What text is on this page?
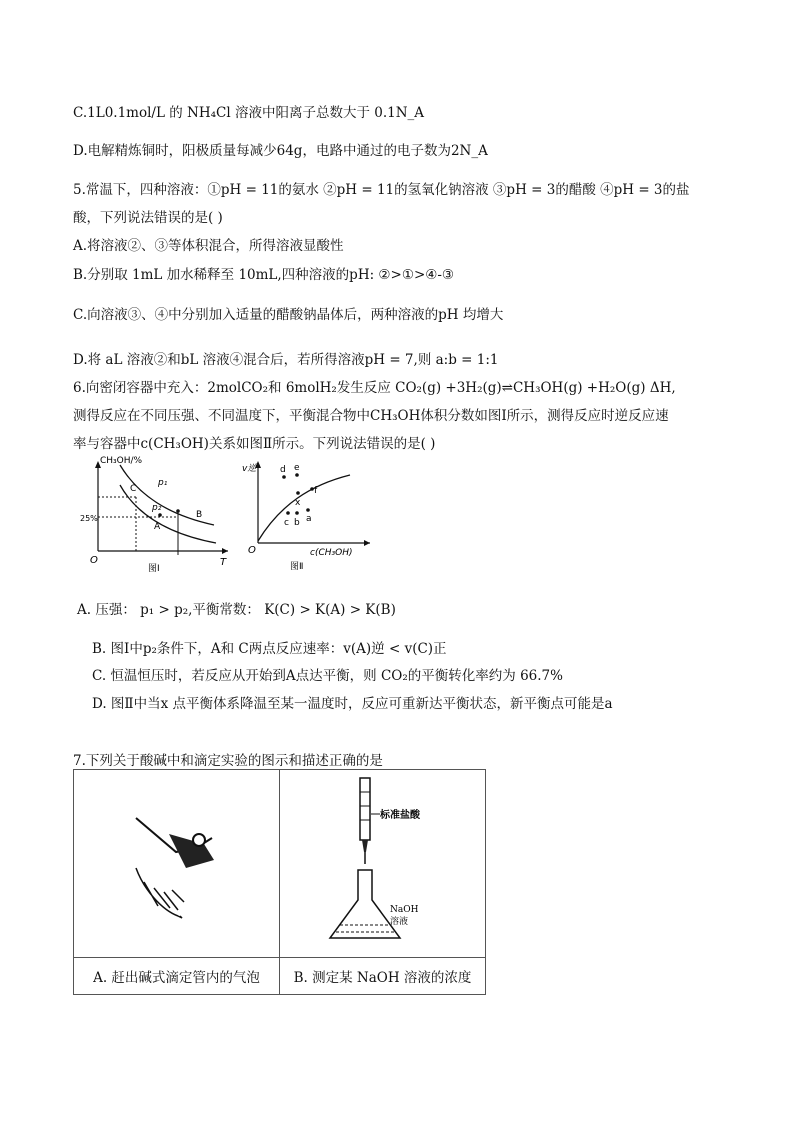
C.1L0.1mol/L 的 NH₄Cl 溶液中阳离子总数大于 0.1N_A
D.电解精炼铜时，阳极质量每减少64g，电路中通过的电子数为2N_A
5.常温下，四种溶液：①pH = 11的氨水 ②pH = 11的氢氧化钠溶液 ③pH = 3的醋酸 ④pH = 3的盐
酸，下列说法错误的是( )
A.将溶液②、③等体积混合，所得溶液显酸性
B.分别取 1mL 加水稀释至 10mL,四种溶液的pH: ②>①>④-③
C.向溶液③、④中分别加入适量的醋酸钠晶体后，两种溶液的pH 均增大
D.将 aL 溶液②和bL 溶液④混合后，若所得溶液pH = 7,则 a:b = 1:1
6.向密闭容器中充入：2molCO₂和 6molH₂发生反应 CO₂(g) +3H₂(g)⇌CH₃OH(g) +H₂O(g) ΔH,
测得反应在不同压强、不同温度下，平衡混合物中CH₃OH体积分数如图Ⅰ所示，测得反应时逆反应速
率与容器中c(CH₃OH)关系如图Ⅱ所示。下列说法错误的是( )
CH₃OH/%
25%
O	T
p₁
p₂
C
A
B
图Ⅰ
v逆
O	c(CH₃OH)
d e
f
x
c b a
图Ⅱ
A. 压强： p₁ > p₂,平衡常数： K(C) > K(A) > K(B)
B. 图Ⅰ中p₂条件下，A和 C两点反应速率：v(A)逆 < v(C)正
C. 恒温恒压时，若反应从开始到A点达平衡，则 CO₂的平衡转化率约为 66.7%
D. 图Ⅱ中当x 点平衡体系降温至某一温度时，反应可重新达平衡状态，新平衡点可能是a
7.下列关于酸碱中和滴定实验的图示和描述正确的是

标准盐酸
NaOH
溶液

A. 赶出碱式滴定管内的气泡	B. 测定某 NaOH 溶液的浓度
